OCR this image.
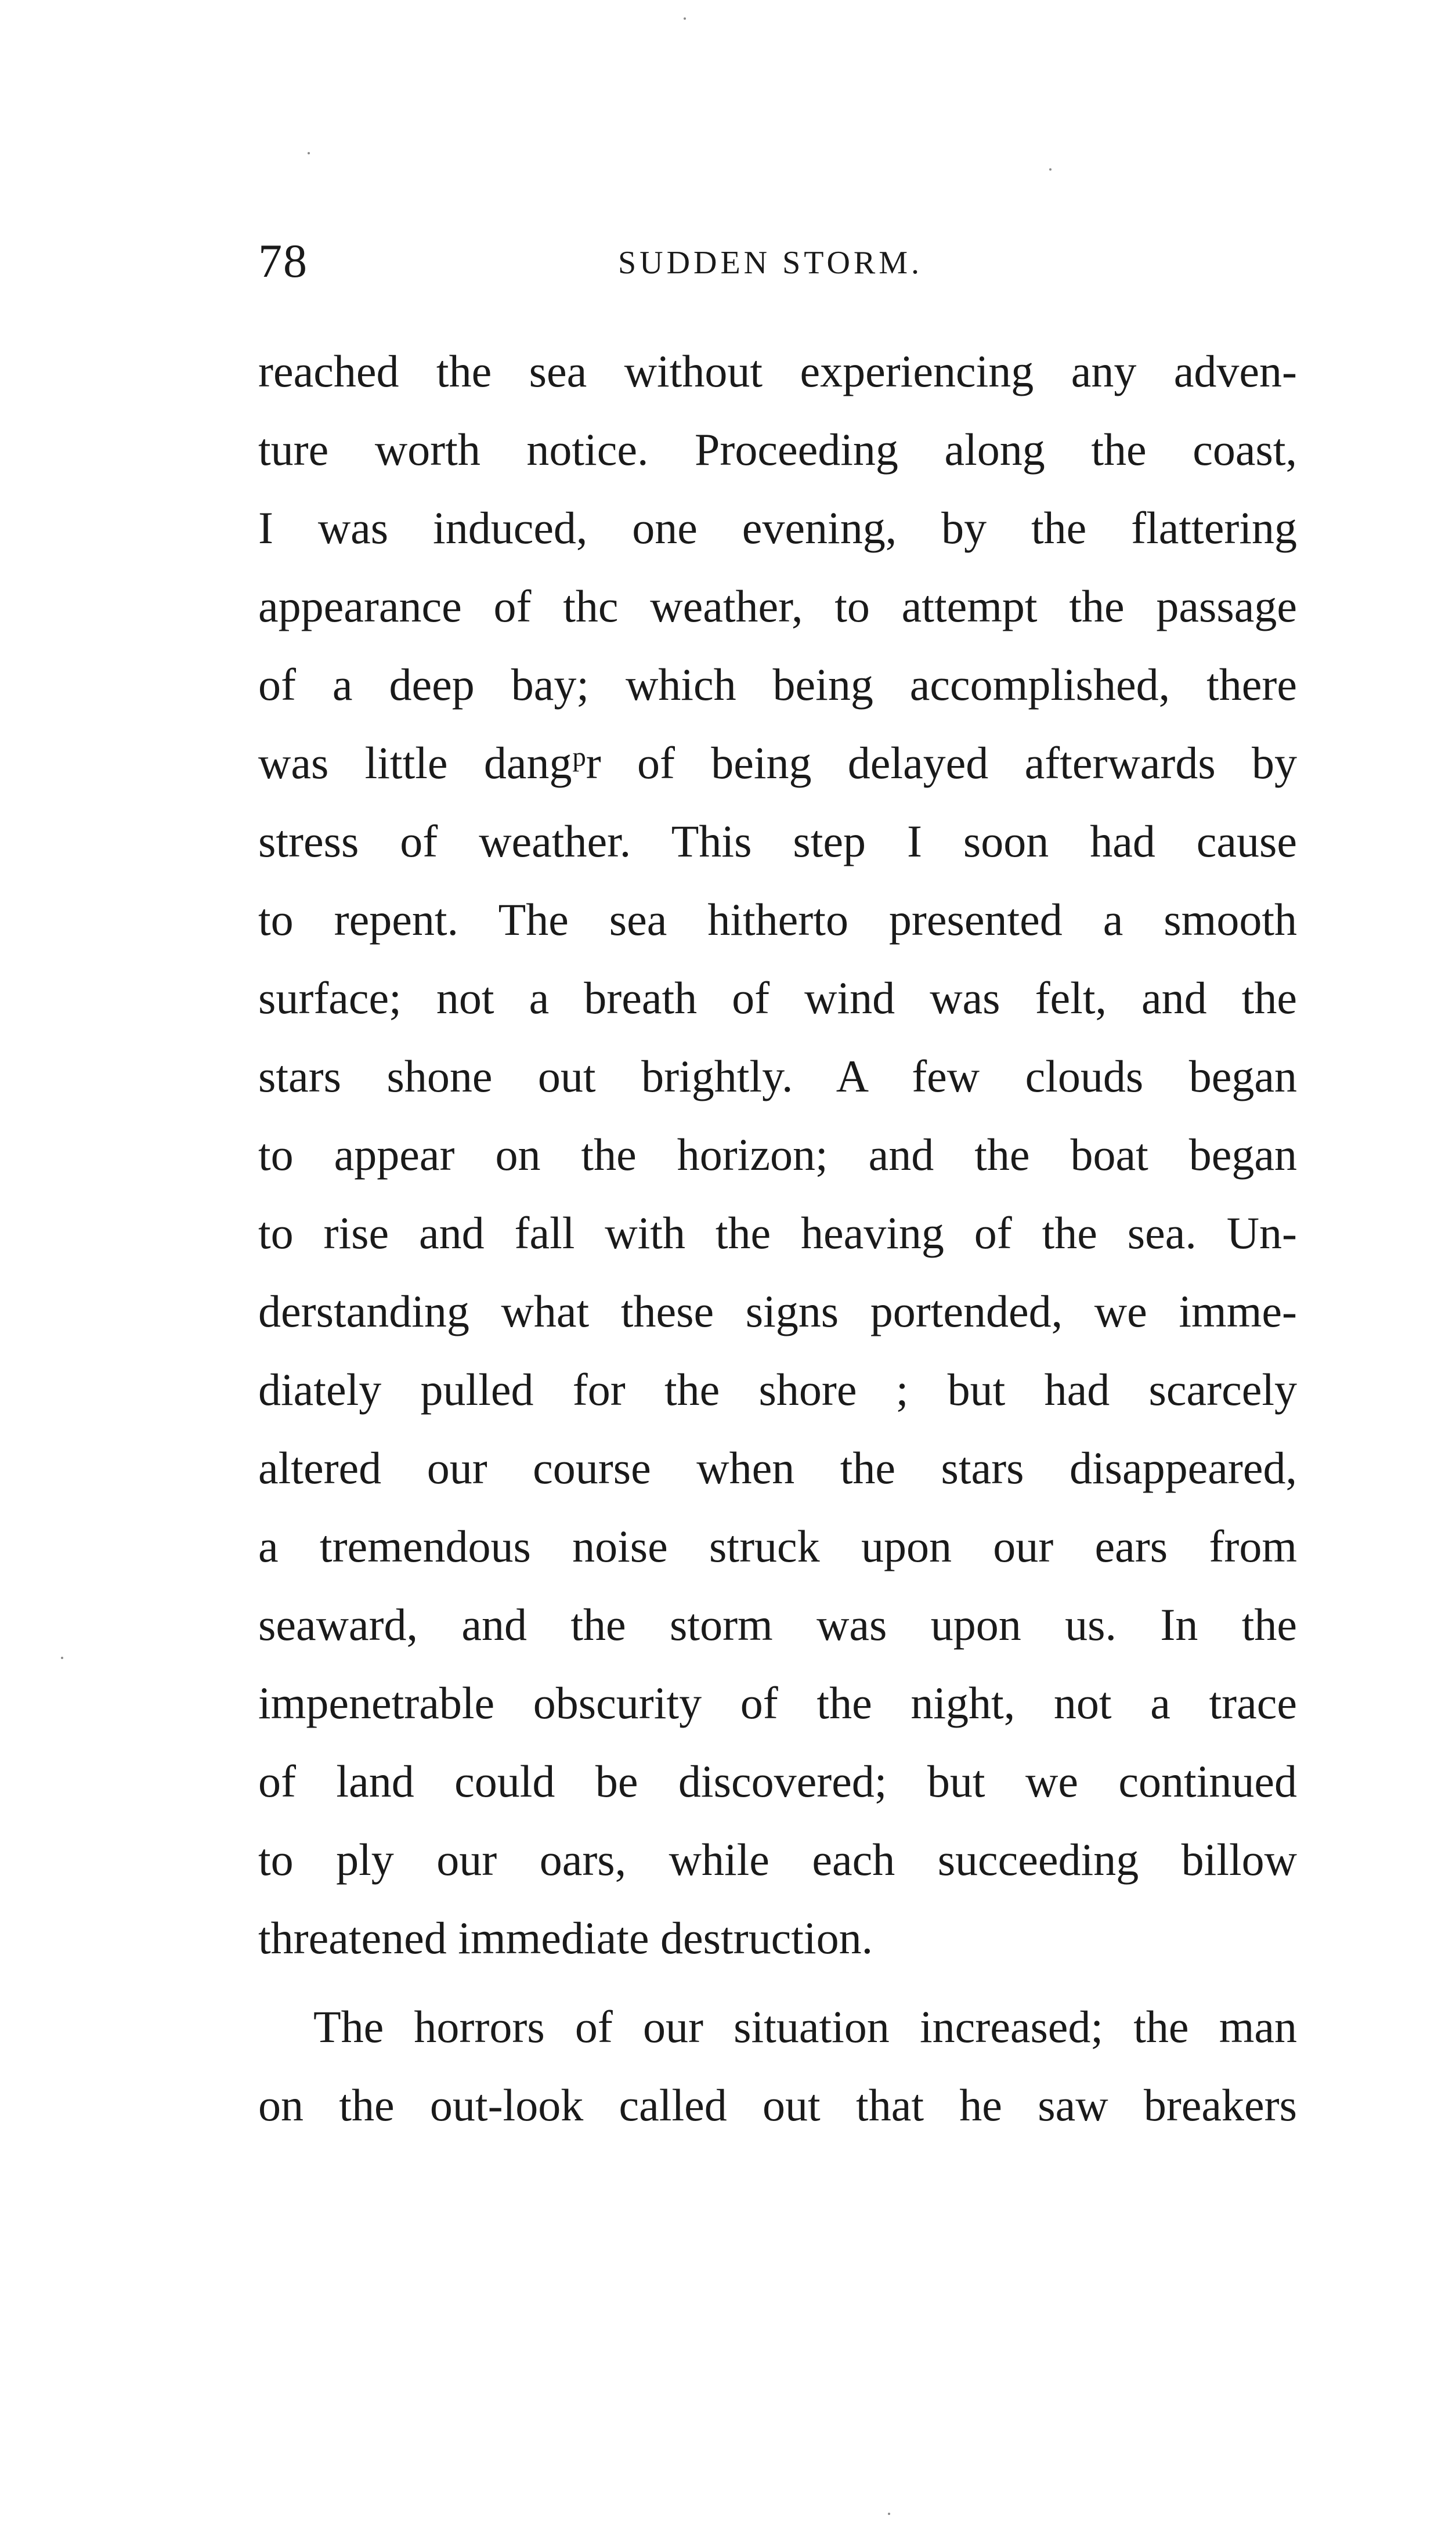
78	SUDDEN STORM.
reached the sea without experiencing any adven-
ture worth notice. Proceeding along the coast,
I was induced, one evening, by the flattering
appearance of thc weather, to attempt the passage
of a deep bay; which being accomplished, there
was little dangᵖr of being delayed afterwards by
stress of weather. This step I soon had cause
to repent. The sea hitherto presented a smooth
surface; not a breath of wind was felt, and the
stars shone out brightly. A few clouds began
to appear on the horizon; and the boat began
to rise and fall with the heaving of the sea. Un-
derstanding what these signs portended, we imme-
diately pulled for the shore ; but had scarcely
altered our course when the stars disappeared,
a tremendous noise struck upon our ears from
seaward, and the storm was upon us. In the
impenetrable obscurity of the night, not a trace
of land could be discovered; but we continued
to ply our oars, while each succeeding billow
threatened immediate destruction.
The horrors of our situation increased; the man
on the out-look called out that he saw breakers
